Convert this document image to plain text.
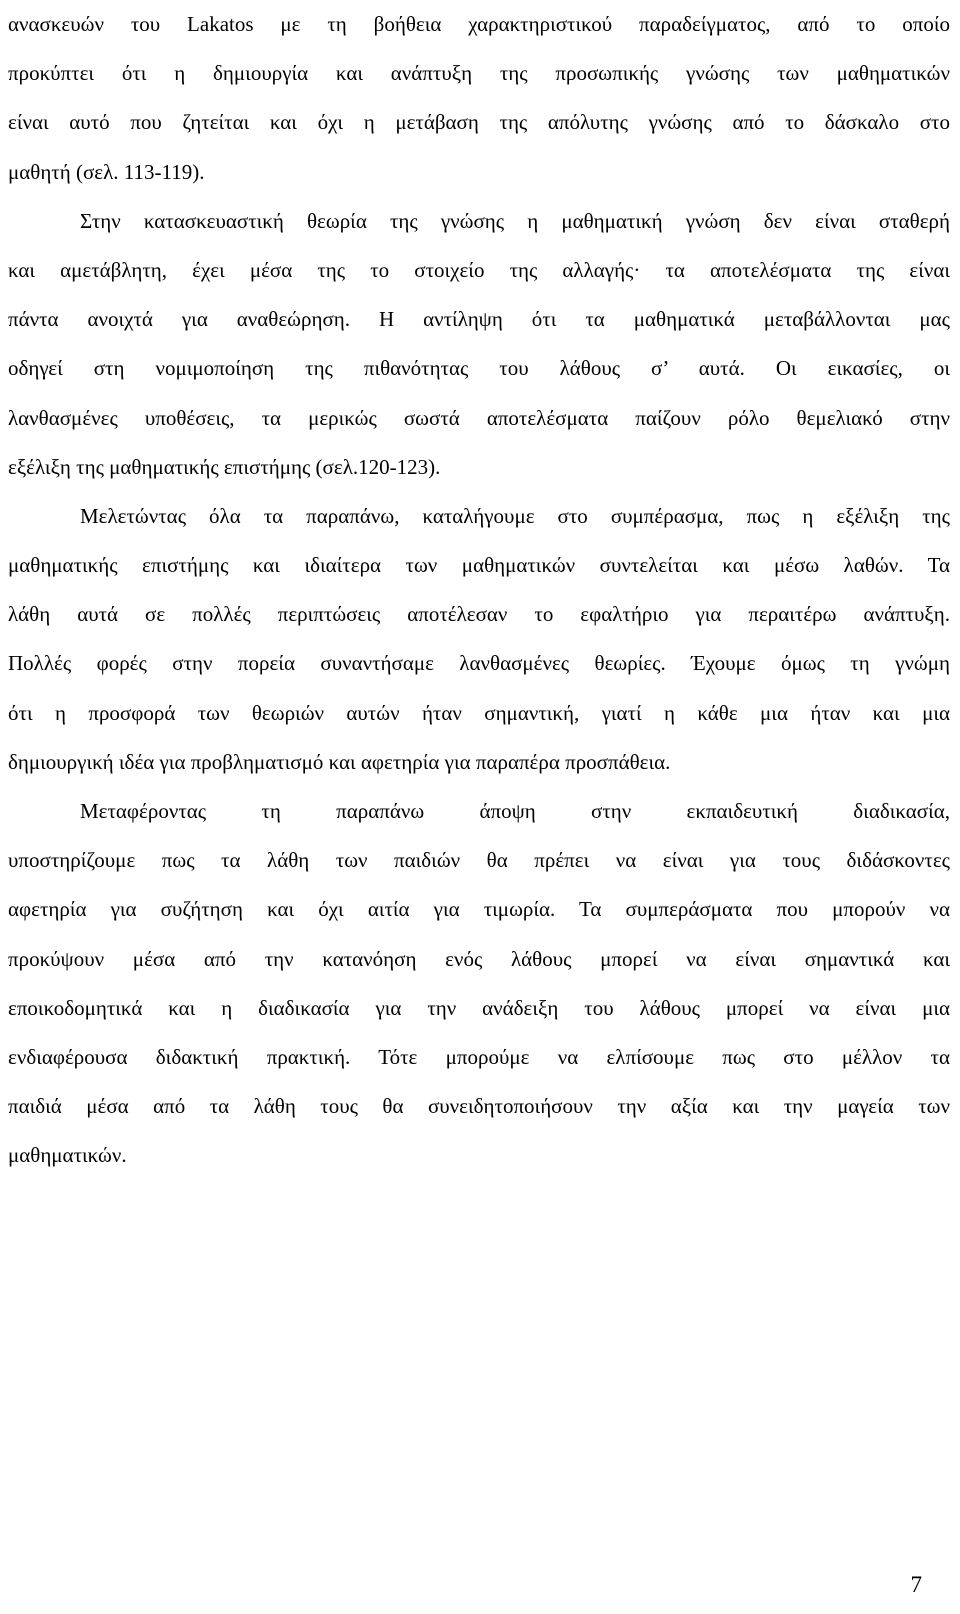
ανασκευών του Lakatos με τη βοήθεια χαρακτηριστικού παραδείγματος, από το οποίο
προκύπτει ότι η δημιουργία και ανάπτυξη της προσωπικής γνώσης των μαθηματικών
είναι αυτό που ζητείται και όχι η μετάβαση της απόλυτης γνώσης από το δάσκαλο στο
μαθητή (σελ. 113-119).
Στην κατασκευαστική θεωρία της γνώσης η μαθηματική γνώση δεν είναι σταθερή
και αμετάβλητη, έχει μέσα της το στοιχείο της αλλαγής· τα αποτελέσματα της είναι
πάντα ανοιχτά για αναθεώρηση. Η αντίληψη ότι τα μαθηματικά μεταβάλλονται μας
οδηγεί στη νομιμοποίηση της πιθανότητας του λάθους σ’ αυτά. Οι εικασίες, οι
λανθασμένες υποθέσεις, τα μερικώς σωστά αποτελέσματα παίζουν ρόλο θεμελιακό στην
εξέλιξη της μαθηματικής επιστήμης (σελ.120-123).
Μελετώντας όλα τα παραπάνω, καταλήγουμε στο συμπέρασμα, πως η εξέλιξη της
μαθηματικής επιστήμης και ιδιαίτερα των μαθηματικών συντελείται και μέσω λαθών. Τα
λάθη αυτά σε πολλές περιπτώσεις αποτέλεσαν το εφαλτήριο για περαιτέρω ανάπτυξη.
Πολλές φορές στην πορεία συναντήσαμε λανθασμένες θεωρίες. Έχουμε όμως τη γνώμη
ότι η προσφορά των θεωριών αυτών ήταν σημαντική, γιατί η κάθε μια ήταν και μια
δημιουργική ιδέα για προβληματισμό και αφετηρία για παραπέρα προσπάθεια.
Μεταφέροντας τη παραπάνω άποψη στην εκπαιδευτική διαδικασία,
υποστηρίζουμε πως τα λάθη των παιδιών θα πρέπει να είναι για τους διδάσκοντες
αφετηρία για συζήτηση και όχι αιτία για τιμωρία. Τα συμπεράσματα που μπορούν να
προκύψουν μέσα από την κατανόηση ενός λάθους μπορεί να είναι σημαντικά και
εποικοδομητικά και η διαδικασία για την ανάδειξη του λάθους μπορεί να είναι μια
ενδιαφέρουσα διδακτική πρακτική. Τότε μπορούμε να ελπίσουμε πως στο μέλλον τα
παιδιά μέσα από τα λάθη τους θα συνειδητοποιήσουν την αξία και την μαγεία των
μαθηματικών.
7
